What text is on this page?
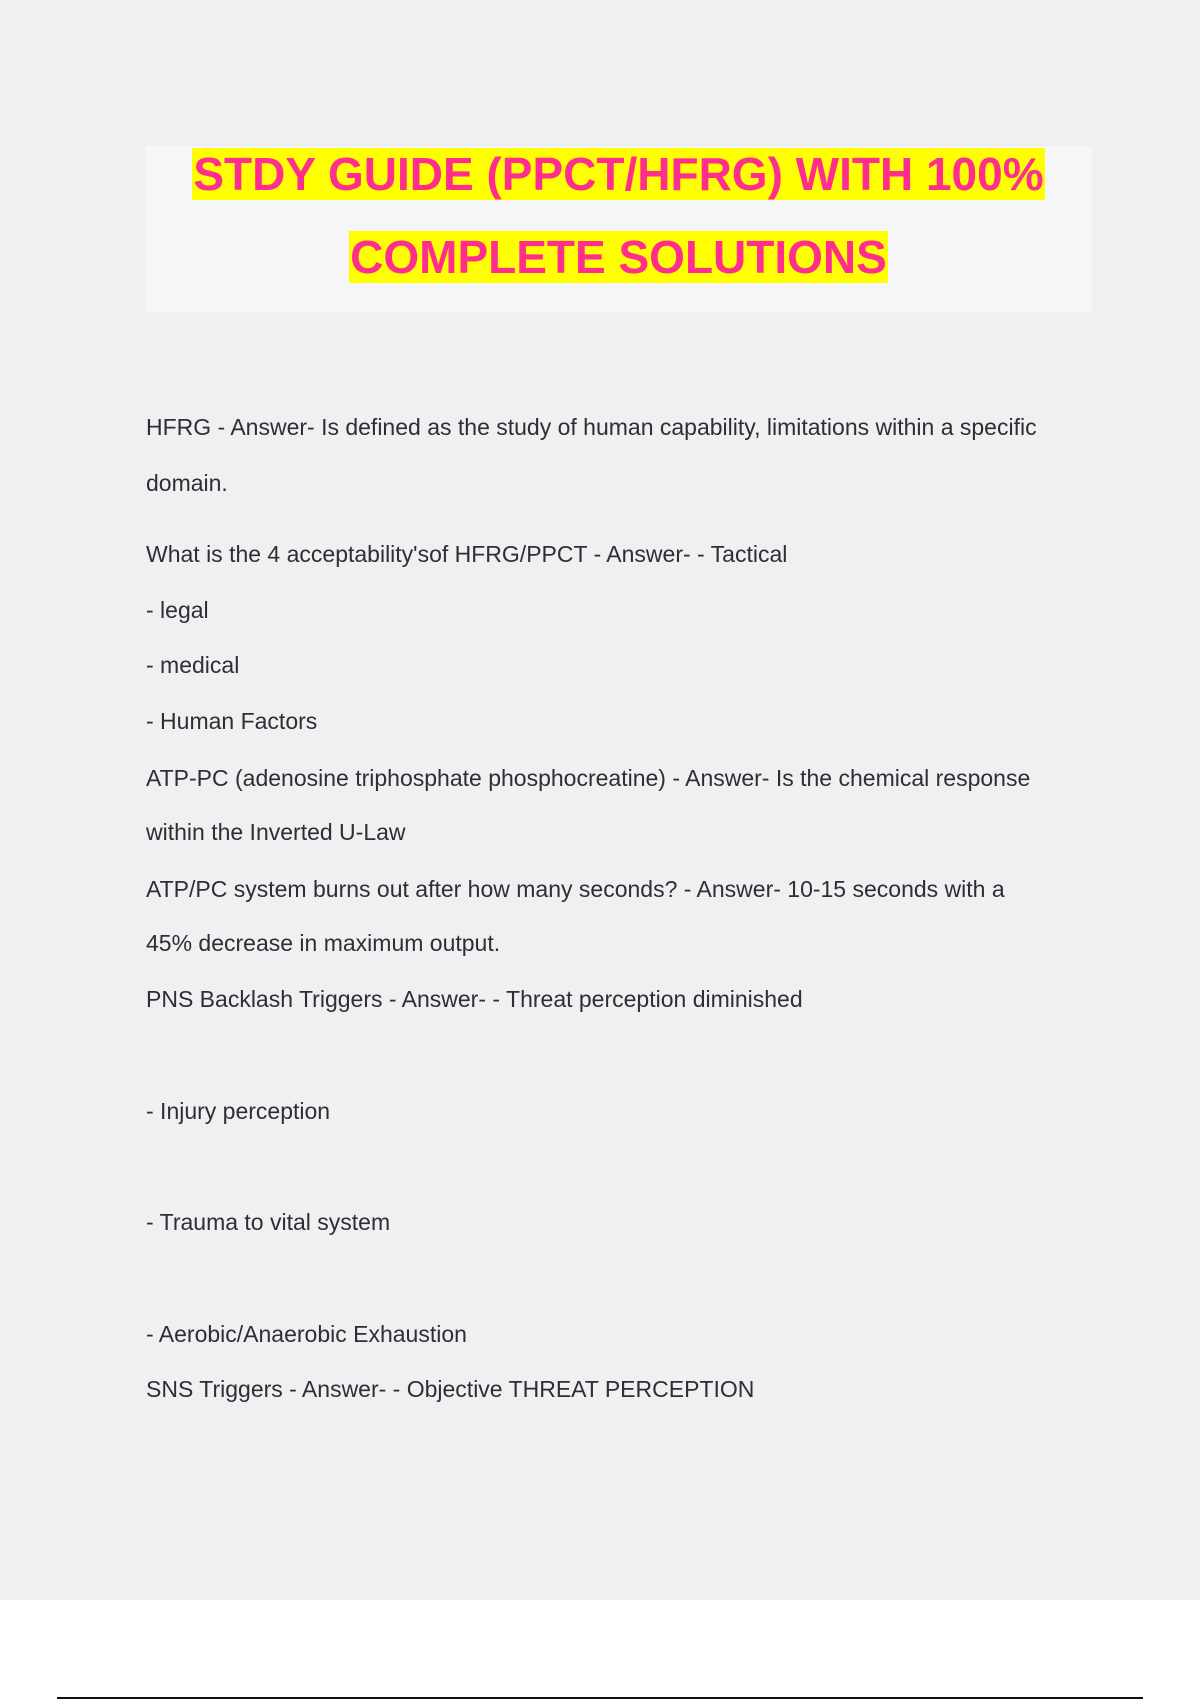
STDY GUIDE (PPCT/HFRG) WITH 100%
COMPLETE SOLUTIONS
HFRG - Answer- Is defined as the study of human capability, limitations within a specific
domain.
What is the 4 acceptability'sof HFRG/PPCT - Answer- - Tactical
- legal
- medical
- Human Factors
ATP-PC (adenosine triphosphate phosphocreatine) - Answer- Is the chemical response
within the Inverted U-Law
ATP/PC system burns out after how many seconds? - Answer- 10-15 seconds with a
45% decrease in maximum output.
PNS Backlash Triggers - Answer- - Threat perception diminished
- Injury perception
- Trauma to vital system
- Aerobic/Anaerobic Exhaustion
SNS Triggers - Answer- - Objective THREAT PERCEPTION
